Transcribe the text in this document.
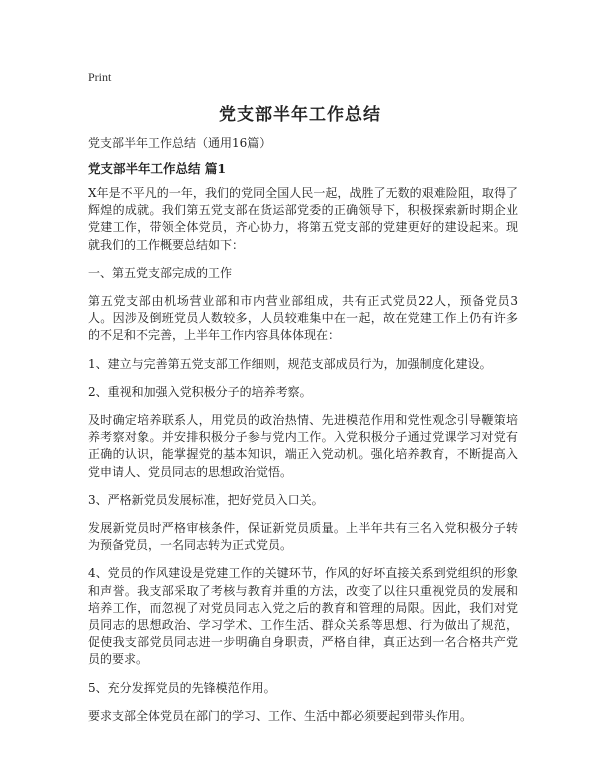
Print
党支部半年工作总结

党支部半年工作总结（通用16篇）

党支部半年工作总结 篇1

X年是不平凡的一年，我们的党同全国人民一起，战胜了无数的艰难险阻，取得了辉煌的成就。我们第五党支部在货运部党委的正确领导下，积极探索新时期企业党建工作，带领全体党员，齐心协力，将第五党支部的党建更好的建设起来。现就我们的工作概要总结如下：

一、第五党支部完成的工作

第五党支部由机场营业部和市内营业部组成，共有正式党员22人，预备党员3人。因涉及倒班党员人数较多，人员较难集中在一起，故在党建工作上仍有许多的不足和不完善，上半年工作内容具体体现在：

1、建立与完善第五党支部工作细则，规范支部成员行为，加强制度化建设。

2、重视和加强入党积极分子的培养考察。

及时确定培养联系人，用党员的政治热情、先进模范作用和党性观念引导鞭策培养考察对象。并安排积极分子参与党内工作。入党积极分子通过党课学习对党有正确的认识，能掌握党的基本知识，端正入党动机。强化培养教育，不断提高入党申请人、党员同志的思想政治觉悟。

3、严格新党员发展标准，把好党员入口关。

发展新党员时严格审核条件，保证新党员质量。上半年共有三名入党积极分子转为预备党员，一名同志转为正式党员。

4、党员的作风建设是党建工作的关键环节，作风的好坏直接关系到党组织的形象和声誉。我支部采取了考核与教育并重的方法，改变了以往只重视党员的发展和培养工作，而忽视了对党员同志入党之后的教育和管理的局限。因此，我们对党员同志的思想政治、学习学术、工作生活、群众关系等思想、行为做出了规范，促使我支部党员同志进一步明确自身职责，严格自律，真正达到一名合格共产党员的要求。

5、充分发挥党员的先锋模范作用。

要求支部全体党员在部门的学习、工作、生活中都必须要起到带头作用。
